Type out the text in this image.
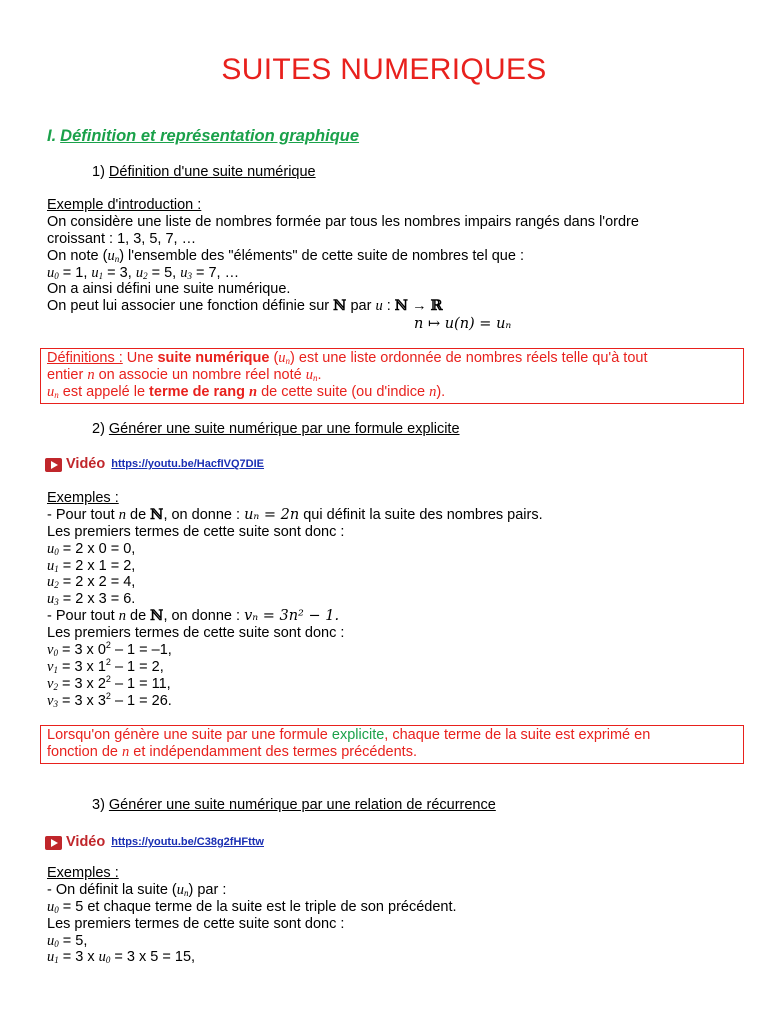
SUITES NUMERIQUES
I. Définition et représentation graphique
1) Définition d'une suite numérique
Exemple d'introduction :
On considère une liste de nombres formée par tous les nombres impairs rangés dans l'ordre
croissant : 1, 3, 5, 7, …
On note $(u_n)$ l'ensemble des "éléments" de cette suite de nombres tel que :
$u_0 = 1$, $u_1 = 3$, $u_2 = 5$, $u_3 = 7$, …
On a ainsi défini une suite numérique.
On peut lui associer une fonction définie sur ℕ par u : ℕ → ℝ
n ↦ u(n) = uₙ
Définitions : Une suite numérique $(u_n)$ est une liste ordonnée de nombres réels telle qu'à tout
entier n on associe un nombre réel noté $u_n$.
$u_n$ est appelé le terme de rang n de cette suite (ou d'indice n).
2) Générer une suite numérique par une formule explicite
Vidéo https://youtu.be/HacfIVQ7DIE
Exemples :
- Pour tout n de ℕ, on donne : uₙ = 2n qui définit la suite des nombres pairs.
Les premiers termes de cette suite sont donc :
$u_0 = 2$ x 0 = 0,
$u_1 = 2$ x 1 = 2,
$u_2 = 2$ x 2 = 4,
$u_3 = 2$ x 3 = 6.
- Pour tout n de ℕ, on donne : vₙ = 3n² − 1.
Les premiers termes de cette suite sont donc :
$v_0 = 3$ x $0^2 - 1 = -1$,
$v_1 = 3$ x $1^2 - 1 = 2$,
$v_2 = 3$ x $2^2 - 1 = 11$,
$v_3 = 3$ x $3^2 - 1 = 26$.
Lorsqu'on génère une suite par une formule explicite, chaque terme de la suite est exprimé en
fonction de n et indépendamment des termes précédents.
3) Générer une suite numérique par une relation de récurrence
Vidéo https://youtu.be/C38g2fHFttw
Exemples :
- On définit la suite $(u_n)$ par :
$u_0 = 5$ et chaque terme de la suite est le triple de son précédent.
Les premiers termes de cette suite sont donc :
$u_0 = 5$,
$u_1 = 3$ x $u_0 = 3$ x 5 = 15,
